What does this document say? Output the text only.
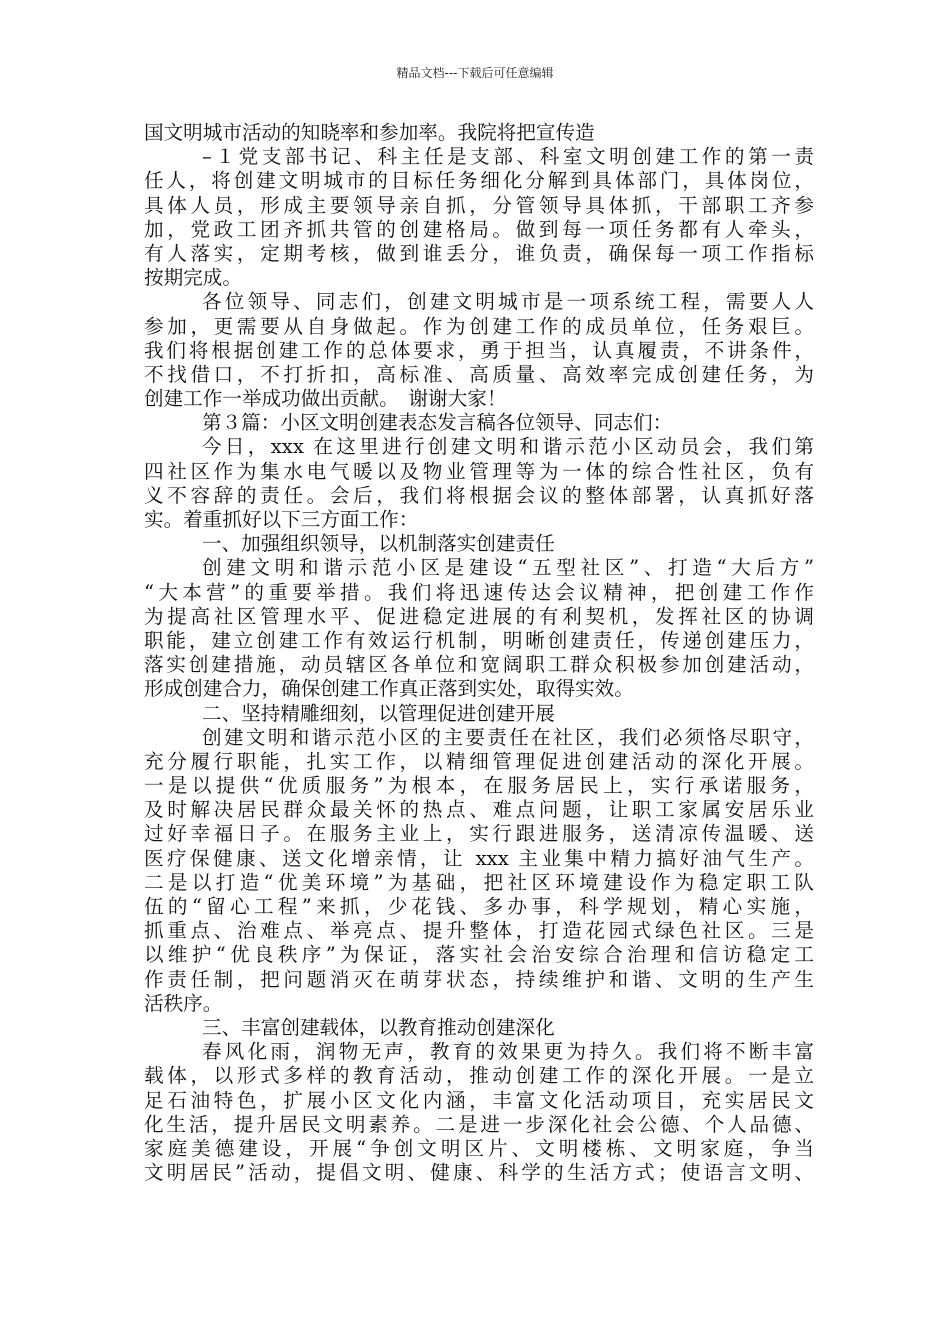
精品文档---下载后可任意编辑
国文明城市活动的知晓率和参加率。我院将把宣传造
–１党支部书记、科主任是支部、科室文明创建工作的第一责
任人，将创建文明城市的目标任务细化分解到具体部门，具体岗位，
具体人员，形成主要领导亲自抓，分管领导具体抓，干部职工齐参
加，党政工团齐抓共管的创建格局。做到每一项任务都有人牵头，
有人落实，定期考核，做到谁丢分，谁负责，确保每一项工作指标
按期完成。
各位领导、同志们，创建文明城市是一项系统工程，需要人人
参加，更需要从自身做起。作为创建工作的成员单位，任务艰巨。
我们将根据创建工作的总体要求，勇于担当，认真履责，不讲条件，
不找借口，不打折扣，高标准、高质量、高效率完成创建任务，为
创建工作一举成功做出贡献。　谢谢大家！
第３篇：小区文明创建表态发言稿各位领导、同志们：
今日，xxx 在这里进行创建文明和谐示范小区动员会，我们第
四社区作为集水电气暖以及物业管理等为一体的综合性社区，负有
义不容辞的责任。会后，我们将根据会议的整体部署，认真抓好落
实。着重抓好以下三方面工作：
一、加强组织领导，以机制落实创建责任
创建文明和谐示范小区是建设“五型社区”、打造“大后方”
“大本营”的重要举措。我们将迅速传达会议精神，把创建工作作
为提高社区管理水平、促进稳定进展的有利契机，发挥社区的协调
职能，建立创建工作有效运行机制，明晰创建责任，传递创建压力，
落实创建措施，动员辖区各单位和宽阔职工群众积极参加创建活动，
形成创建合力，确保创建工作真正落到实处，取得实效。
二、坚持精雕细刻，以管理促进创建开展
创建文明和谐示范小区的主要责任在社区，我们必须恪尽职守，
充分履行职能，扎实工作，以精细管理促进创建活动的深化开展。
一是以提供“优质服务”为根本，在服务居民上，实行承诺服务，
及时解决居民群众最关怀的热点、难点问题，让职工家属安居乐业
过好幸福日子。在服务主业上，实行跟进服务，送清凉传温暖、送
医疗保健康、送文化增亲情，让 xxx 主业集中精力搞好油气生产。
二是以打造“优美环境”为基础，把社区环境建设作为稳定职工队
伍的“留心工程”来抓，少花钱、多办事，科学规划，精心实施，
抓重点、治难点、举亮点、提升整体，打造花园式绿色社区。三是
以维护“优良秩序”为保证，落实社会治安综合治理和信访稳定工
作责任制，把问题消灭在萌芽状态，持续维护和谐、文明的生产生
活秩序。
三、丰富创建载体，以教育推动创建深化
春风化雨，润物无声，教育的效果更为持久。我们将不断丰富
载体，以形式多样的教育活动，推动创建工作的深化开展。一是立
足石油特色，扩展小区文化内涵，丰富文化活动项目，充实居民文
化生活，提升居民文明素养。二是进一步深化社会公德、个人品德、
家庭美德建设，开展“争创文明区片、文明楼栋、文明家庭，争当
文明居民”活动，提倡文明、健康、科学的生活方式；使语言文明、
